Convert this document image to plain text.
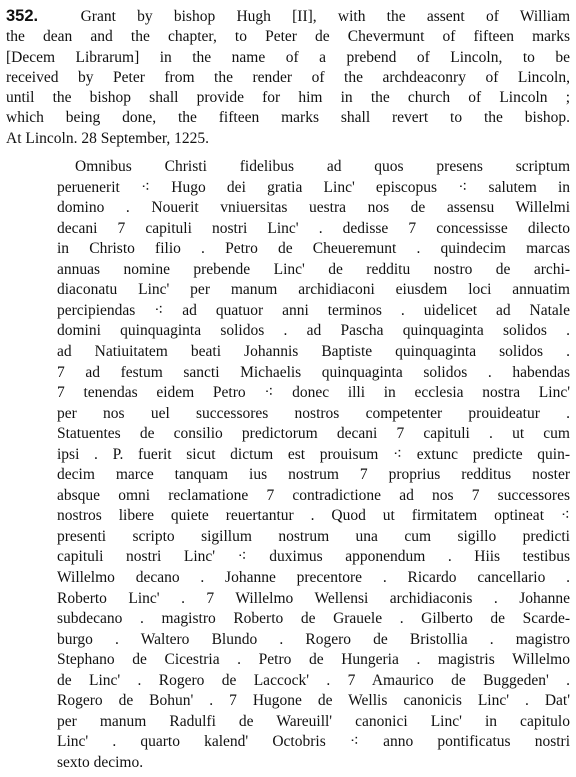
352.	Grant by bishop Hugh [II], with the assent of William
the dean and the chapter, to Peter de Chevermunt of fifteen marks
[Decem Librarum] in the name of a prebend of Lincoln, to be
received by Peter from the render of the archdeaconry of Lincoln,
until the bishop shall provide for him in the church of Lincoln ;
which being done, the fifteen marks shall revert to the bishop.
At Lincoln. 28 September, 1225.
Omnibus Christi fidelibus ad quos presens scriptum
peruenerit ⁖ Hugo dei gratia Linc' episcopus ⁖ salutem in
domino . Nouerit vniuersitas uestra nos de assensu Willelmi
decani 7 capituli nostri Linc' . dedisse 7 concessisse dilecto
in Christo filio . Petro de Cheueremunt . quindecim marcas
annuas nomine prebende Linc' de redditu nostro de archi-
diaconatu Linc' per manum archidiaconi eiusdem loci annuatim
percipiendas ⁖ ad quatuor anni terminos . uidelicet ad Natale
domini quinquaginta solidos . ad Pascha quinquaginta solidos .
ad Natiuitatem beati Johannis Baptiste quinquaginta solidos .
7 ad festum sancti Michaelis quinquaginta solidos . habendas
7 tenendas eidem Petro ⁖ donec illi in ecclesia nostra Linc'
per nos uel successores nostros competenter prouideatur .
Statuentes de consilio predictorum decani 7 capituli . ut cum
ipsi . P. fuerit sicut dictum est prouisum ⁖ extunc predicte quin-
decim marce tanquam ius nostrum 7 proprius redditus noster
absque omni reclamatione 7 contradictione ad nos 7 successores
nostros libere quiete reuertantur . Quod ut firmitatem optineat ⁖
presenti scripto sigillum nostrum una cum sigillo predicti
capituli nostri Linc' ⁖ duximus apponendum . Hiis testibus
Willelmo decano . Johanne precentore . Ricardo cancellario .
Roberto Linc' . 7 Willelmo Wellensi archidiaconis . Johanne
subdecano . magistro Roberto de Grauele . Gilberto de Scarde-
burgo . Waltero Blundo . Rogero de Bristollia . magistro
Stephano de Cicestria . Petro de Hungeria . magistris Willelmo
de Linc' . Rogero de Laccock' . 7 Amaurico de Buggeden' .
Rogero de Bohun' . 7 Hugone de Wellis canonicis Linc' . Dat'
per manum Radulfi de Wareuill' canonici Linc' in capitulo
Linc' . quarto kalend' Octobris ⁖ anno pontificatus nostri
sexto decimo.
